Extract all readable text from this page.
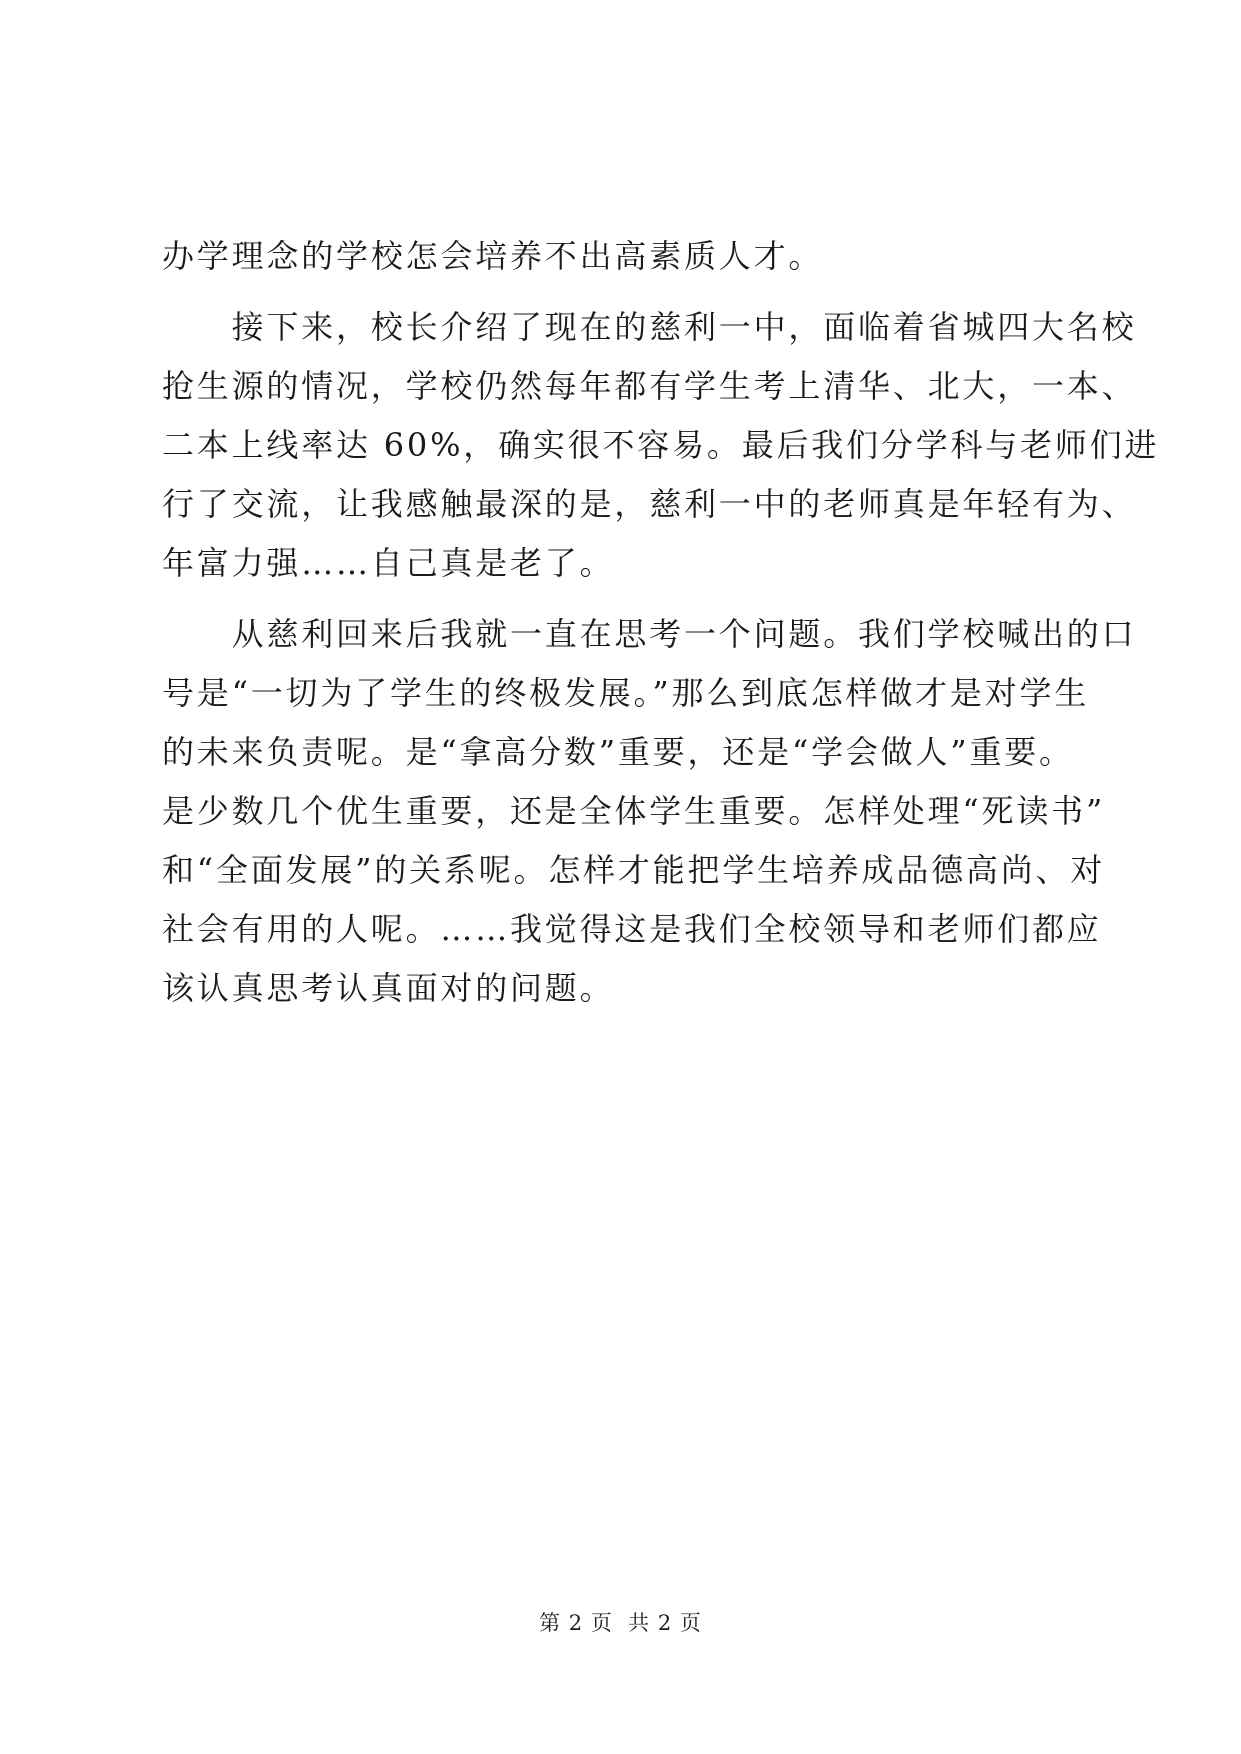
办学理念的学校怎会培养不出高素质人才。
　　接下来，校长介绍了现在的慈利一中，面临着省城四大名校
抢生源的情况，学校仍然每年都有学生考上清华、北大，一本、
二本上线率达 60%，确实很不容易。最后我们分学科与老师们进
行了交流，让我感触最深的是，慈利一中的老师真是年轻有为、
年富力强……自己真是老了。
　　从慈利回来后我就一直在思考一个问题。我们学校喊出的口
号是“一切为了学生的终极发展。”那么到底怎样做才是对学生
的未来负责呢。是“拿高分数”重要，还是“学会做人”重要。
是少数几个优生重要，还是全体学生重要。怎样处理“死读书”
和“全面发展”的关系呢。怎样才能把学生培养成品德高尚、对
社会有用的人呢。……我觉得这是我们全校领导和老师们都应
该认真思考认真面对的问题。
第 2 页  共 2 页
